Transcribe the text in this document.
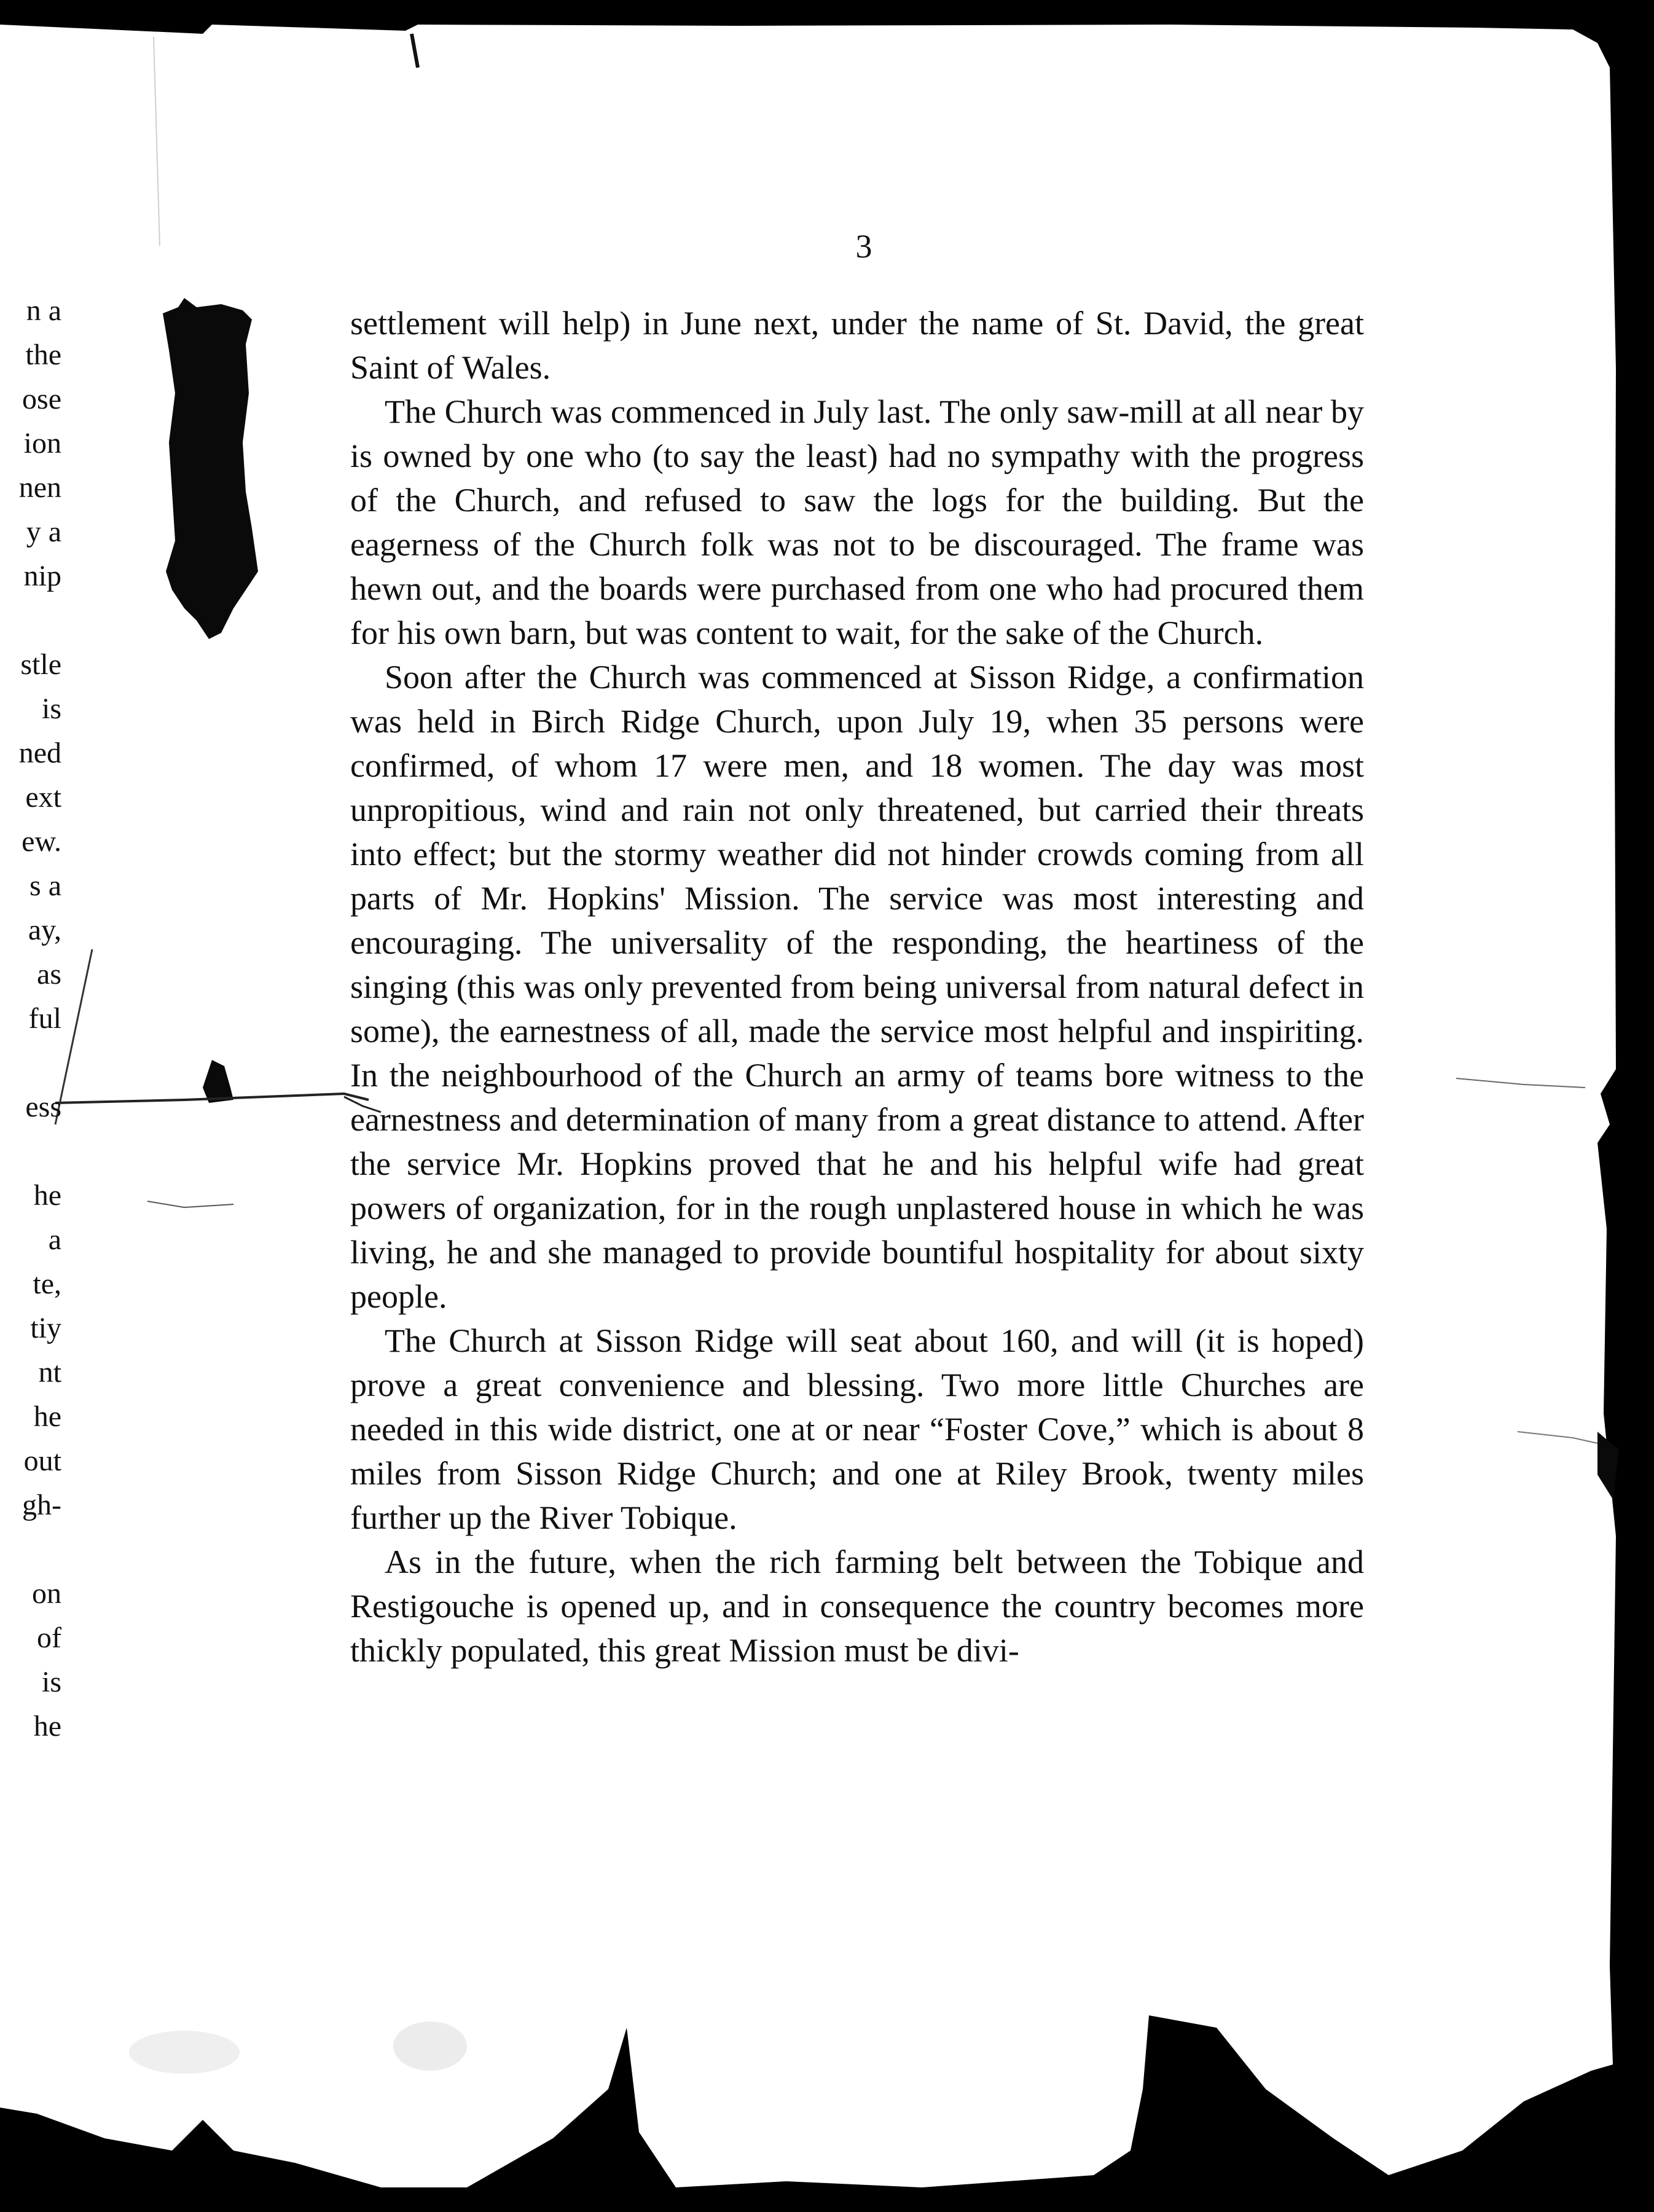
n a
the
ose
ion
nen
y a
nip
stle
is
ned
ext
ew.
s a
ay,
as
ful
ess
he
a
te,
tiy
nt
he
out
gh-
on
of
is
he
3

settlement will help) in June next, under the name of St. David, the great Saint of Wales.

The Church was commenced in July last. The only saw-mill at all near by is owned by one who (to say the least) had no sympathy with the progress of the Church, and refused to saw the logs for the building. But the eagerness of the Church folk was not to be discouraged. The frame was hewn out, and the boards were purchased from one who had procured them for his own barn, but was content to wait, for the sake of the Church.

Soon after the Church was commenced at Sisson Ridge, a confirmation was held in Birch Ridge Church, upon July 19, when 35 persons were confirmed, of whom 17 were men, and 18 women. The day was most unpropitious, wind and rain not only threatened, but carried their threats into effect; but the stormy weather did not hinder crowds coming from all parts of Mr. Hopkins' Mission. The service was most interesting and encouraging. The universality of the responding, the heartiness of the singing (this was only prevented from being universal from natural defect in some), the earnestness of all, made the service most helpful and inspiriting. In the neighbourhood of the Church an army of teams bore witness to the earnestness and determination of many from a great distance to attend. After the service Mr. Hopkins proved that he and his helpful wife had great powers of organization, for in the rough unplastered house in which he was living, he and she managed to provide bountiful hospitality for about sixty people.

The Church at Sisson Ridge will seat about 160, and will (it is hoped) prove a great convenience and blessing. Two more little Churches are needed in this wide district, one at or near “Foster Cove,” which is about 8 miles from Sisson Ridge Church; and one at Riley Brook, twenty miles further up the River Tobique.

As in the future, when the rich farming belt between the Tobique and Restigouche is opened up, and in consequence the country becomes more thickly populated, this great Mission must be divi-
